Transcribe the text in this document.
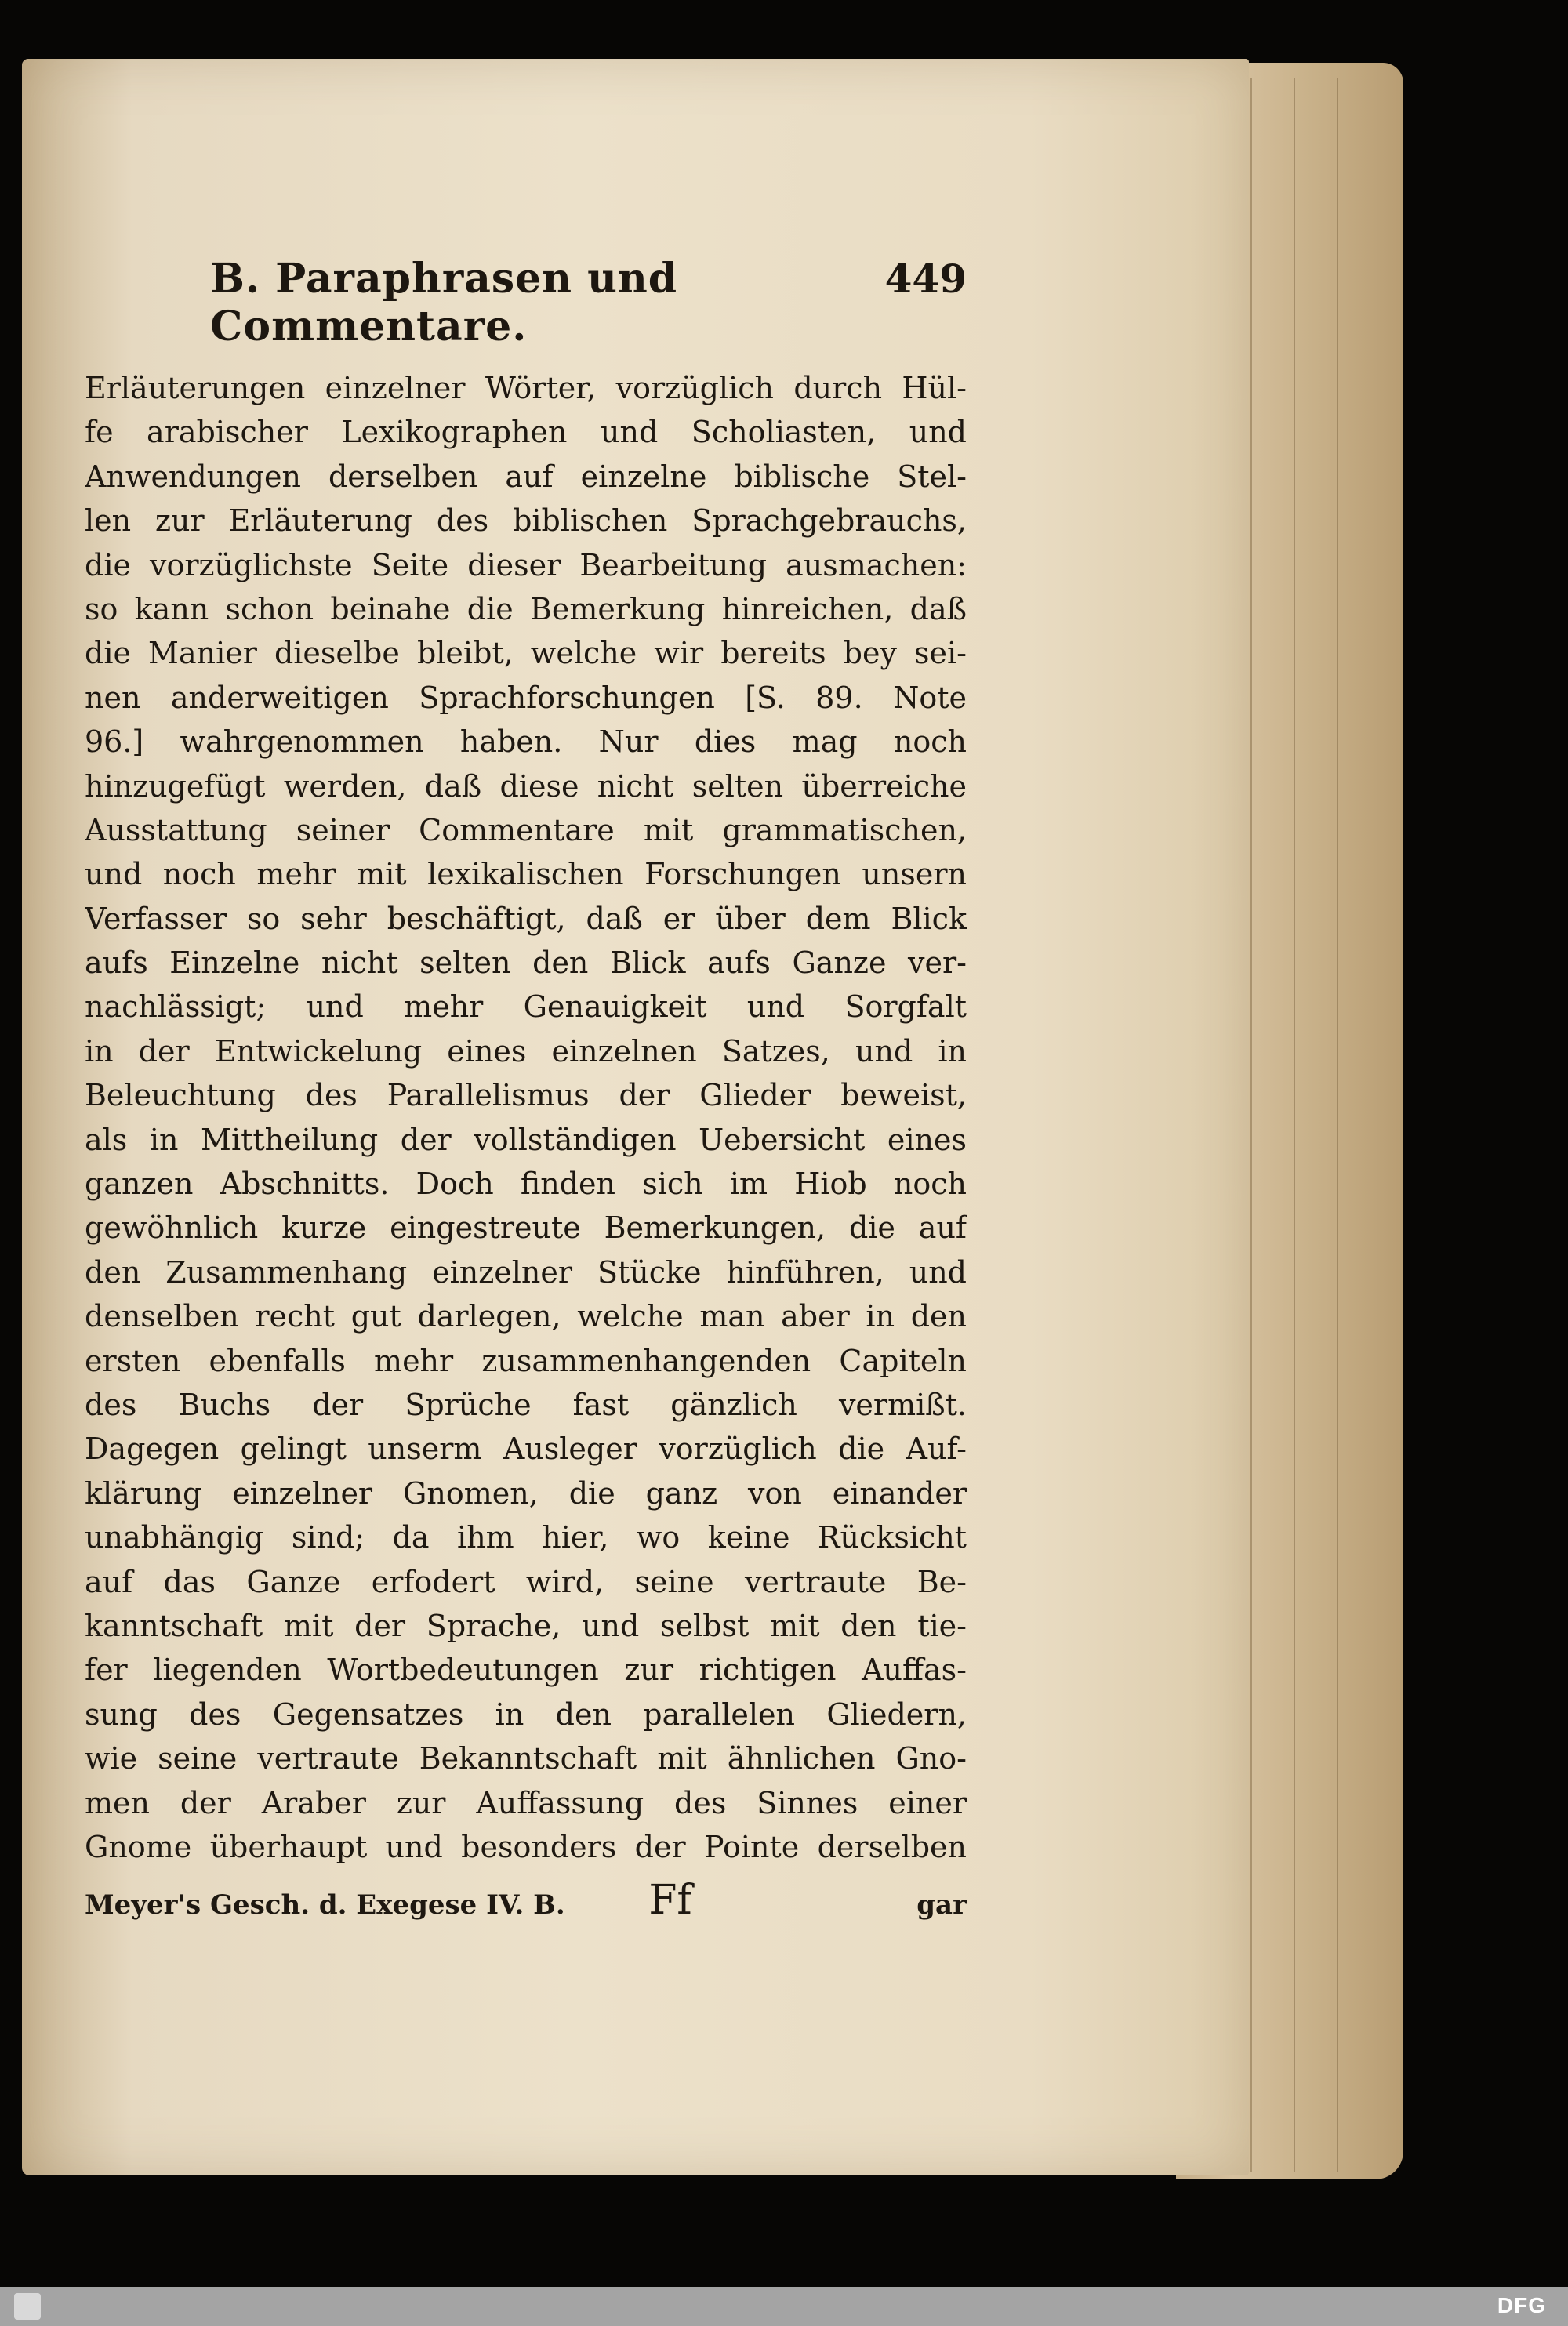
DFG
B. Paraphrasen und Commentare.
449
Erläuterungen einzelner Wörter, vorzüglich durch Hül-
fe arabischer Lexikographen und Scholiasten, und
Anwendungen derselben auf einzelne biblische Stel-
len zur Erläuterung des biblischen Sprachgebrauchs,
die vorzüglichste Seite dieser Bearbeitung ausmachen:
so kann schon beinahe die Bemerkung hinreichen, daß
die Manier dieselbe bleibt, welche wir bereits bey sei-
nen anderweitigen Sprachforschungen [S. 89. Note
96.] wahrgenommen haben. Nur dies mag noch
hinzugefügt werden, daß diese nicht selten überreiche
Ausstattung seiner Commentare mit grammatischen,
und noch mehr mit lexikalischen Forschungen unsern
Verfasser so sehr beschäftigt, daß er über dem Blick
aufs Einzelne nicht selten den Blick aufs Ganze ver-
nachlässigt; und mehr Genauigkeit und Sorgfalt
in der Entwickelung eines einzelnen Satzes, und in
Beleuchtung des Parallelismus der Glieder beweist,
als in Mittheilung der vollständigen Uebersicht eines
ganzen Abschnitts. Doch finden sich im Hiob noch
gewöhnlich kurze eingestreute Bemerkungen, die auf
den Zusammenhang einzelner Stücke hinführen, und
denselben recht gut darlegen, welche man aber in den
ersten ebenfalls mehr zusammenhangenden Capiteln
des Buchs der Sprüche fast gänzlich vermißt.
Dagegen gelingt unserm Ausleger vorzüglich die Auf-
klärung einzelner Gnomen, die ganz von einander
unabhängig sind; da ihm hier, wo keine Rücksicht
auf das Ganze erfodert wird, seine vertraute Be-
kanntschaft mit der Sprache, und selbst mit den tie-
fer liegenden Wortbedeutungen zur richtigen Auffas-
sung des Gegensatzes in den parallelen Gliedern,
wie seine vertraute Bekanntschaft mit ähnlichen Gno-
men der Araber zur Auffassung des Sinnes einer
Gnome überhaupt und besonders der Pointe derselben
Meyer's Gesch. d. Exegese IV. B. Ff	gar
